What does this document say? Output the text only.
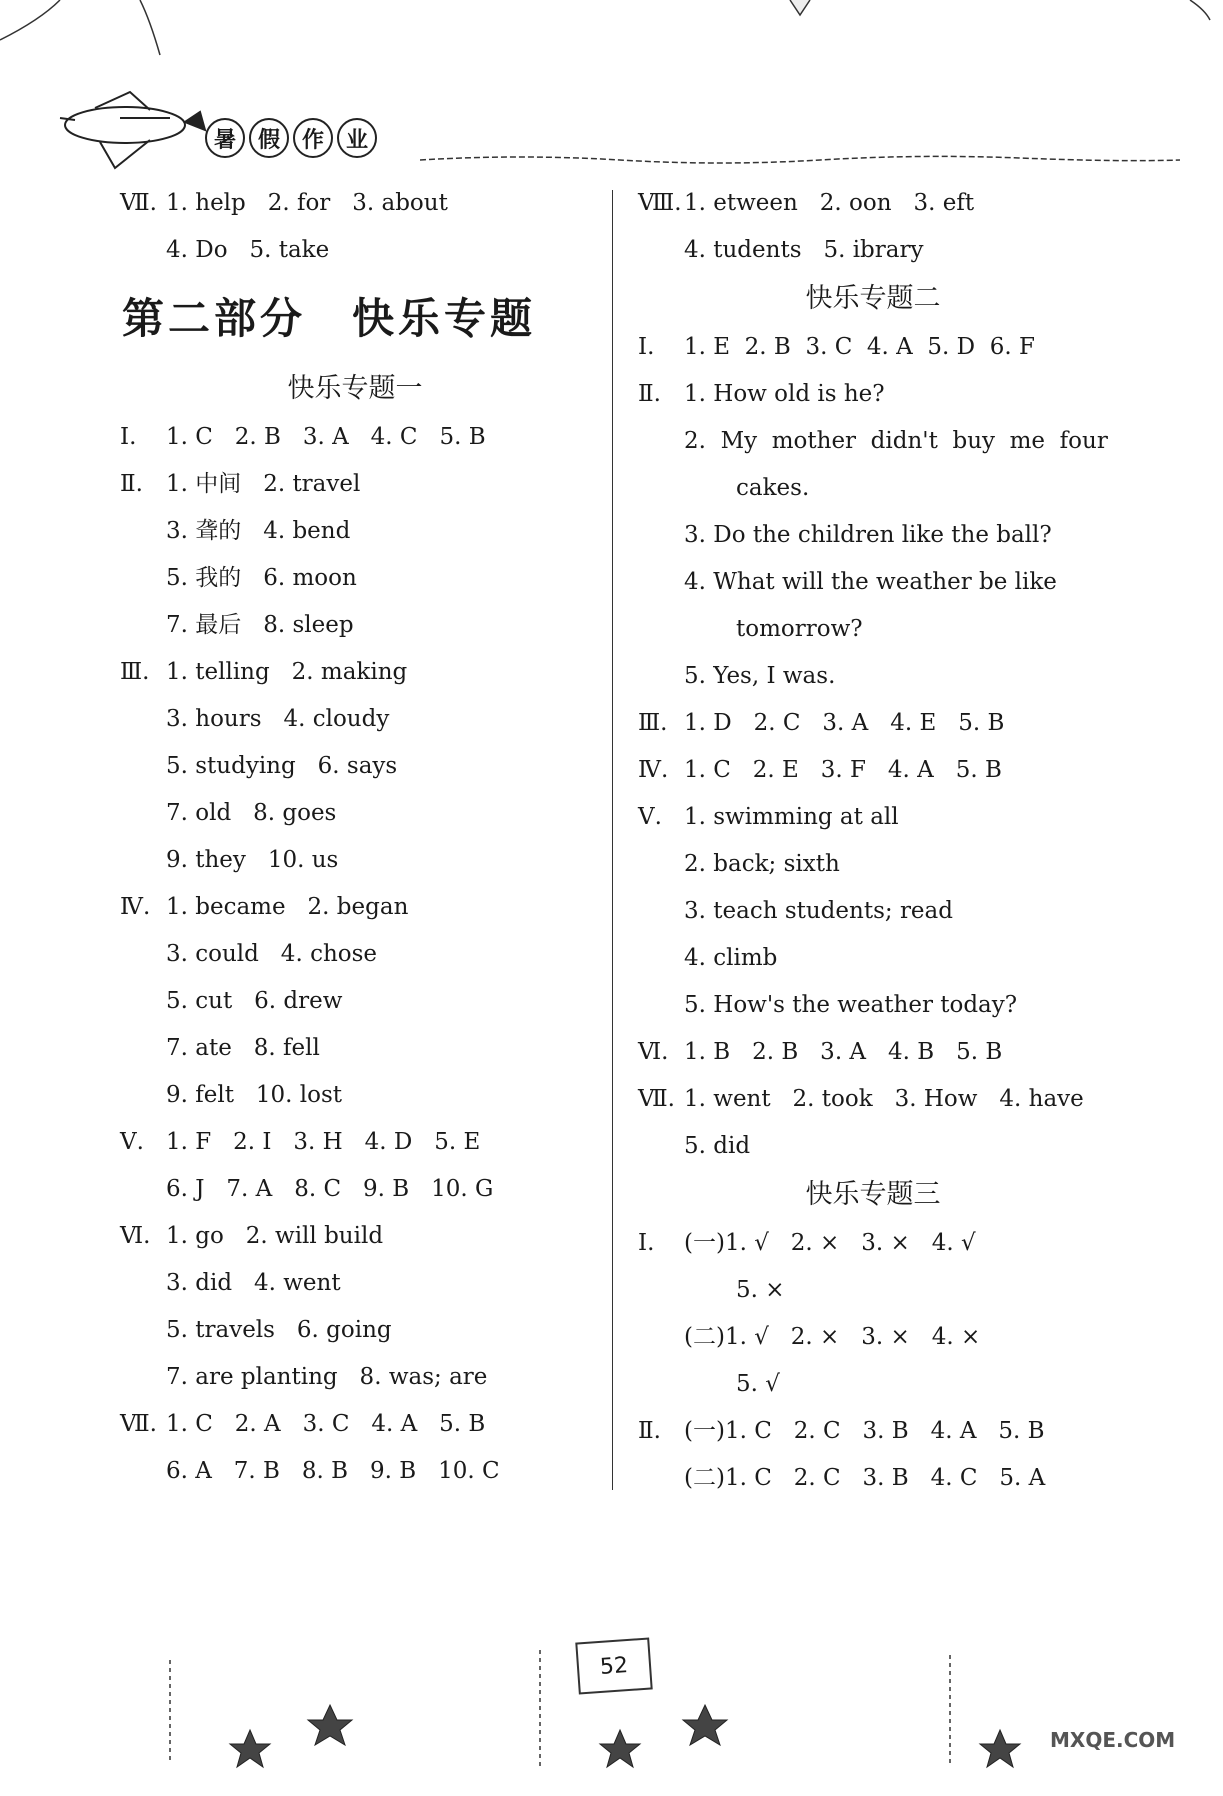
暑 假 作 业
Ⅶ. 1. help   2. for   3. about
4. Do   5. take
第二部分　快乐专题
快乐专题一
Ⅰ. 1. C   2. B   3. A   4. C   5. B
Ⅱ. 1. 中间   2. travel
3. 聋的   4. bend
5. 我的   6. moon
7. 最后   8. sleep
Ⅲ. 1. telling   2. making
3. hours   4. cloudy
5. studying   6. says
7. old   8. goes
9. they   10. us
Ⅳ. 1. became   2. began
3. could   4. chose
5. cut   6. drew
7. ate   8. fell
9. felt   10. lost
Ⅴ. 1. F   2. I   3. H   4. D   5. E
6. J   7. A   8. C   9. B   10. G
Ⅵ. 1. go   2. will build
3. did   4. went
5. travels   6. going
7. are planting   8. was; are
Ⅶ. 1. C   2. A   3. C   4. A   5. B
6. A   7. B   8. B   9. B   10. C
Ⅷ. 1. etween   2. oon   3. eft
4. tudents   5. ibrary
快乐专题二
Ⅰ. 1. E  2. B  3. C  4. A  5. D  6. F
Ⅱ. 1. How old is he?
2.  My  mother  didn't  buy  me  four
cakes.
3. Do the children like the ball?
4. What will the weather be like
tomorrow?
5. Yes, I was.
Ⅲ. 1. D   2. C   3. A   4. E   5. B
Ⅳ. 1. C   2. E   3. F   4. A   5. B
Ⅴ. 1. swimming at all
2. back; sixth
3. teach students; read
4. climb
5. How's the weather today?
Ⅵ. 1. B   2. B   3. A   4. B   5. B
Ⅶ. 1. went   2. took   3. How   4. have
5. did
快乐专题三
Ⅰ. (一)1. √   2. ×   3. ×   4. √
5. ×
(二)1. √   2. ×   3. ×   4. ×
5. √
Ⅱ. (一)1. C   2. C   3. B   4. A   5. B
(二)1. C   2. C   3. B   4. C   5. A
52
MXQE.COM
